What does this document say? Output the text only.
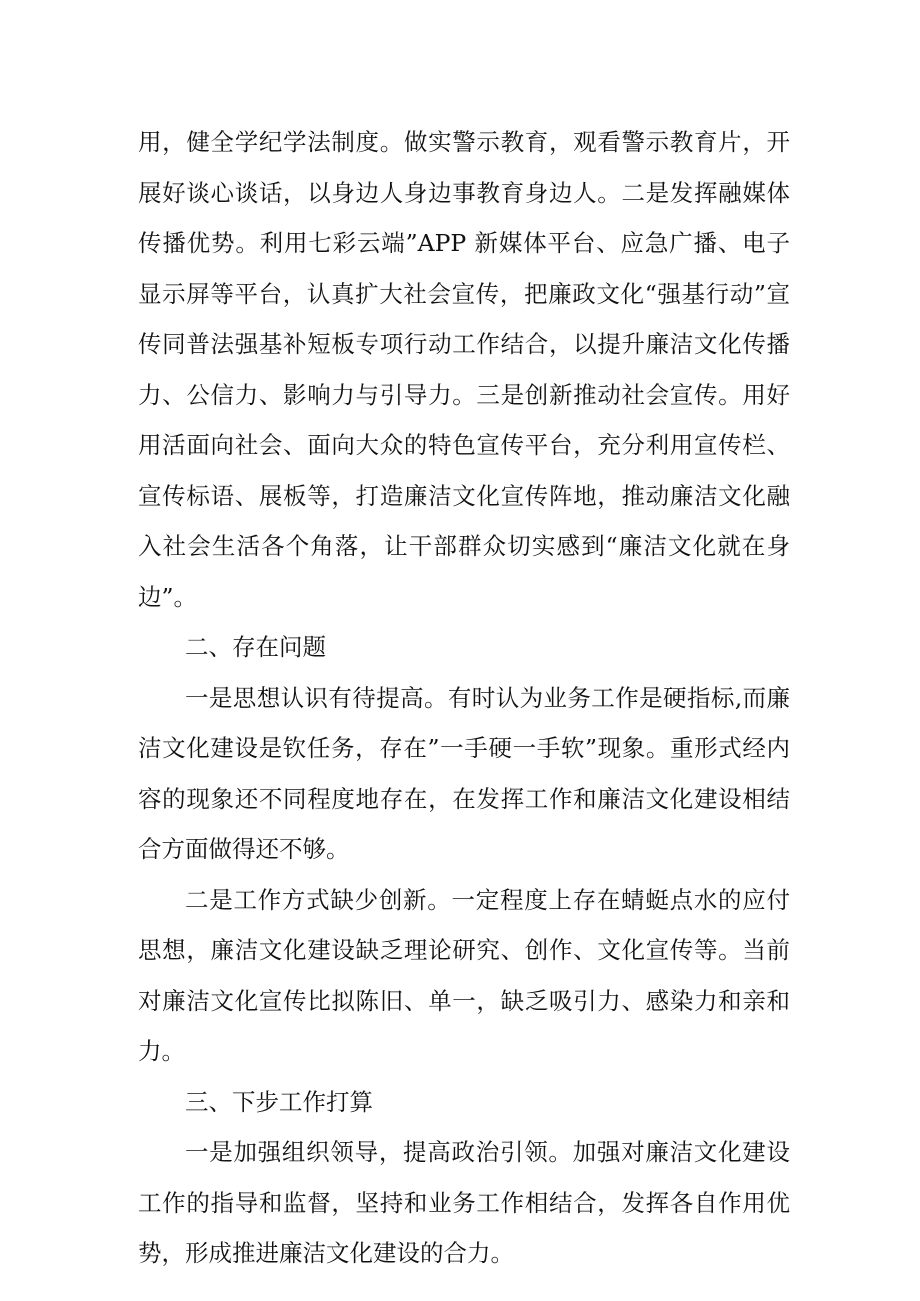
用，健全学纪学法制度。做实警示教育，观看警示教育片，开展好谈心谈话，以身边人身边事教育身边人。二是发挥融媒体传播优势。利用七彩云端”APP 新媒体平台、应急广播、电子显示屏等平台，认真扩大社会宣传，把廉政文化“强基行动”宣传同普法强基补短板专项行动工作结合，以提升廉洁文化传播力、公信力、影响力与引导力。三是创新推动社会宣传。用好用活面向社会、面向大众的特色宣传平台，充分利用宣传栏、宣传标语、展板等，打造廉洁文化宣传阵地，推动廉洁文化融入社会生活各个角落，让干部群众切实感到“廉洁文化就在身边”。

二、存在问题

一是思想认识有待提高。有时认为业务工作是硬指标,而廉洁文化建设是钦任务，存在”一手硬一手软”现象。重形式经内容的现象还不同程度地存在，在发挥工作和廉洁文化建设相结合方面做得还不够。

二是工作方式缺少创新。一定程度上存在蜻蜓点水的应付思想，廉洁文化建设缺乏理论研究、创作、文化宣传等。当前对廉洁文化宣传比拟陈旧、单一，缺乏吸引力、感染力和亲和力。

三、下步工作打算

一是加强组织领导，提高政治引领。加强对廉洁文化建设工作的指导和监督，坚持和业务工作相结合，发挥各自作用优势，形成推进廉洁文化建设的合力。
